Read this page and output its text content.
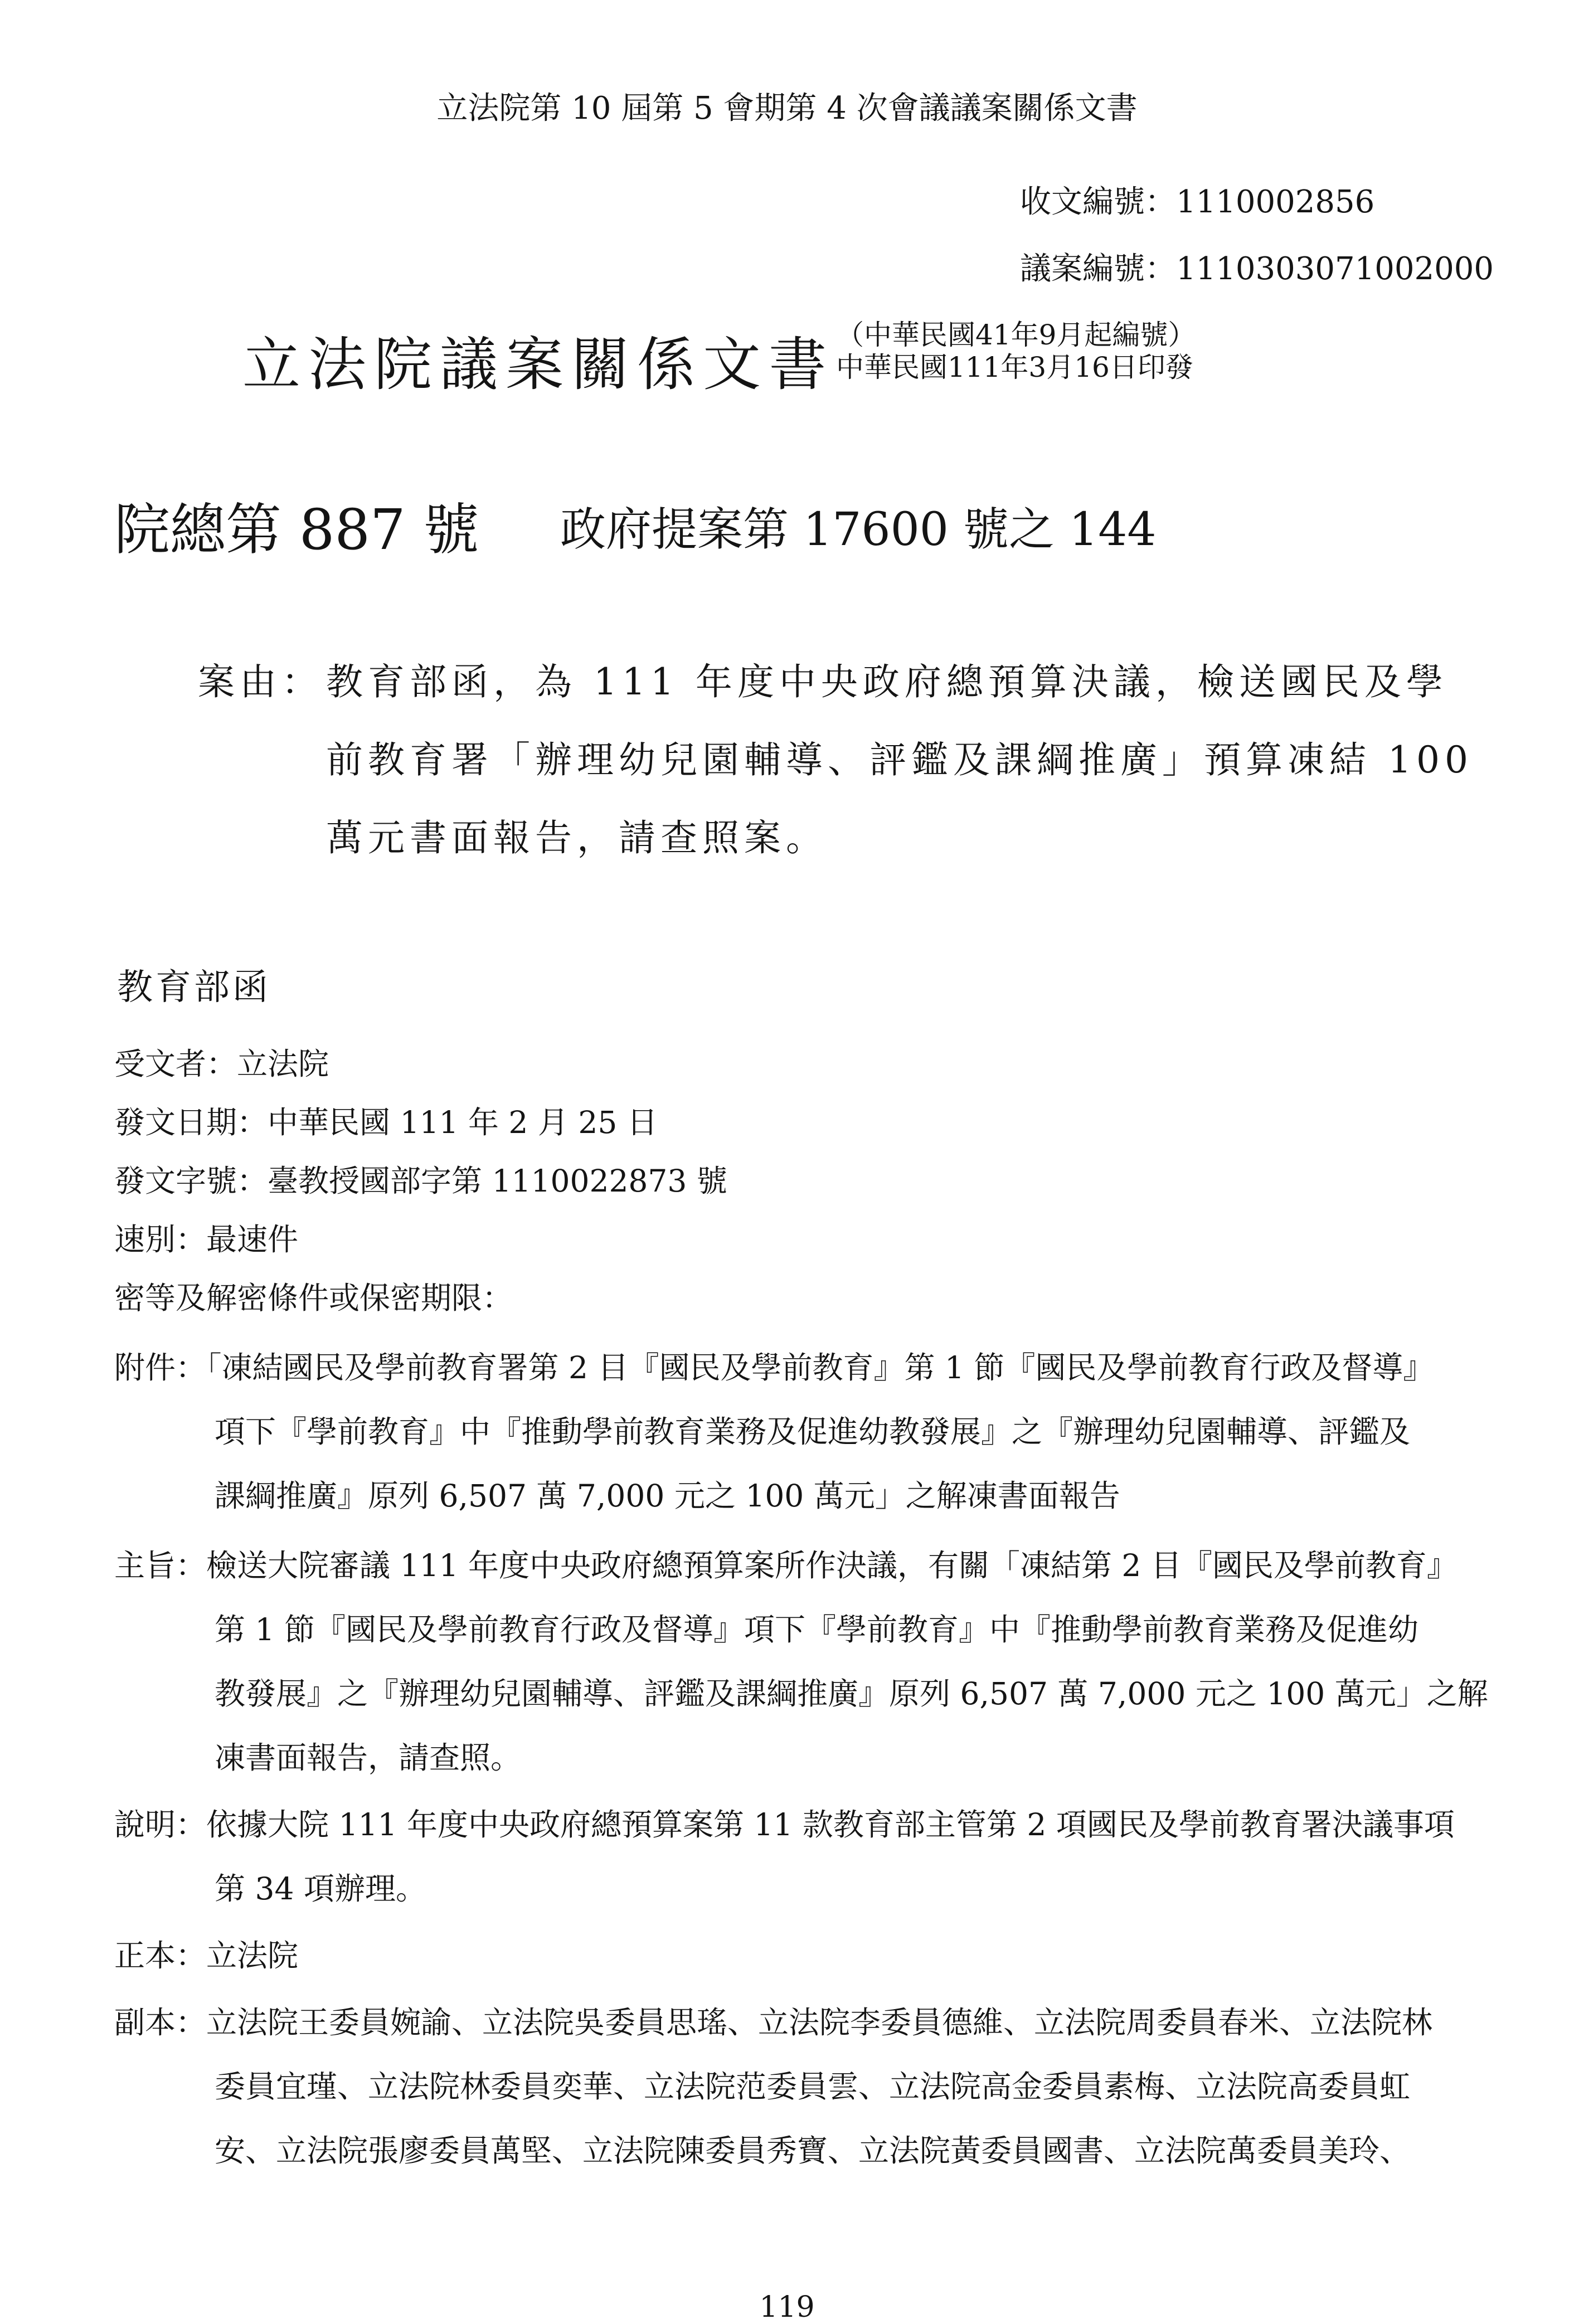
立法院第 10 屆第 5 會期第 4 次會議議案關係文書
收文編號：1110002856
議案編號：1110303071002000
立法院議案關係文書 （中華民國41年9月起編號）
中華民國111年3月16日印發
院總第 887 號 政府提案第 17600 號之 144
案由： 教育部函，為 111 年度中央政府總預算決議，檢送國民及學
前教育署「辦理幼兒園輔導、評鑑及課綱推廣」預算凍結 100
萬元書面報告，請查照案。
教育部函
受文者：立法院
發文日期：中華民國 111 年 2 月 25 日
發文字號：臺教授國部字第 1110022873 號
速別：最速件
密等及解密條件或保密期限：
附件：「凍結國民及學前教育署第 2 目『國民及學前教育』第 1 節『國民及學前教育行政及督導』
項下『學前教育』中『推動學前教育業務及促進幼教發展』之『辦理幼兒園輔導、評鑑及
課綱推廣』原列 6,507 萬 7,000 元之 100 萬元」之解凍書面報告
主旨：檢送大院審議 111 年度中央政府總預算案所作決議，有關「凍結第 2 目『國民及學前教育』
第 1 節『國民及學前教育行政及督導』項下『學前教育』中『推動學前教育業務及促進幼
教發展』之『辦理幼兒園輔導、評鑑及課綱推廣』原列 6,507 萬 7,000 元之 100 萬元」之解
凍書面報告，請查照。
說明：依據大院 111 年度中央政府總預算案第 11 款教育部主管第 2 項國民及學前教育署決議事項
第 34 項辦理。
正本：立法院
副本：立法院王委員婉諭、立法院吳委員思瑤、立法院李委員德維、立法院周委員春米、立法院林
委員宜瑾、立法院林委員奕華、立法院范委員雲、立法院高金委員素梅、立法院高委員虹
安、立法院張廖委員萬堅、立法院陳委員秀寶、立法院黃委員國書、立法院萬委員美玲、
119
